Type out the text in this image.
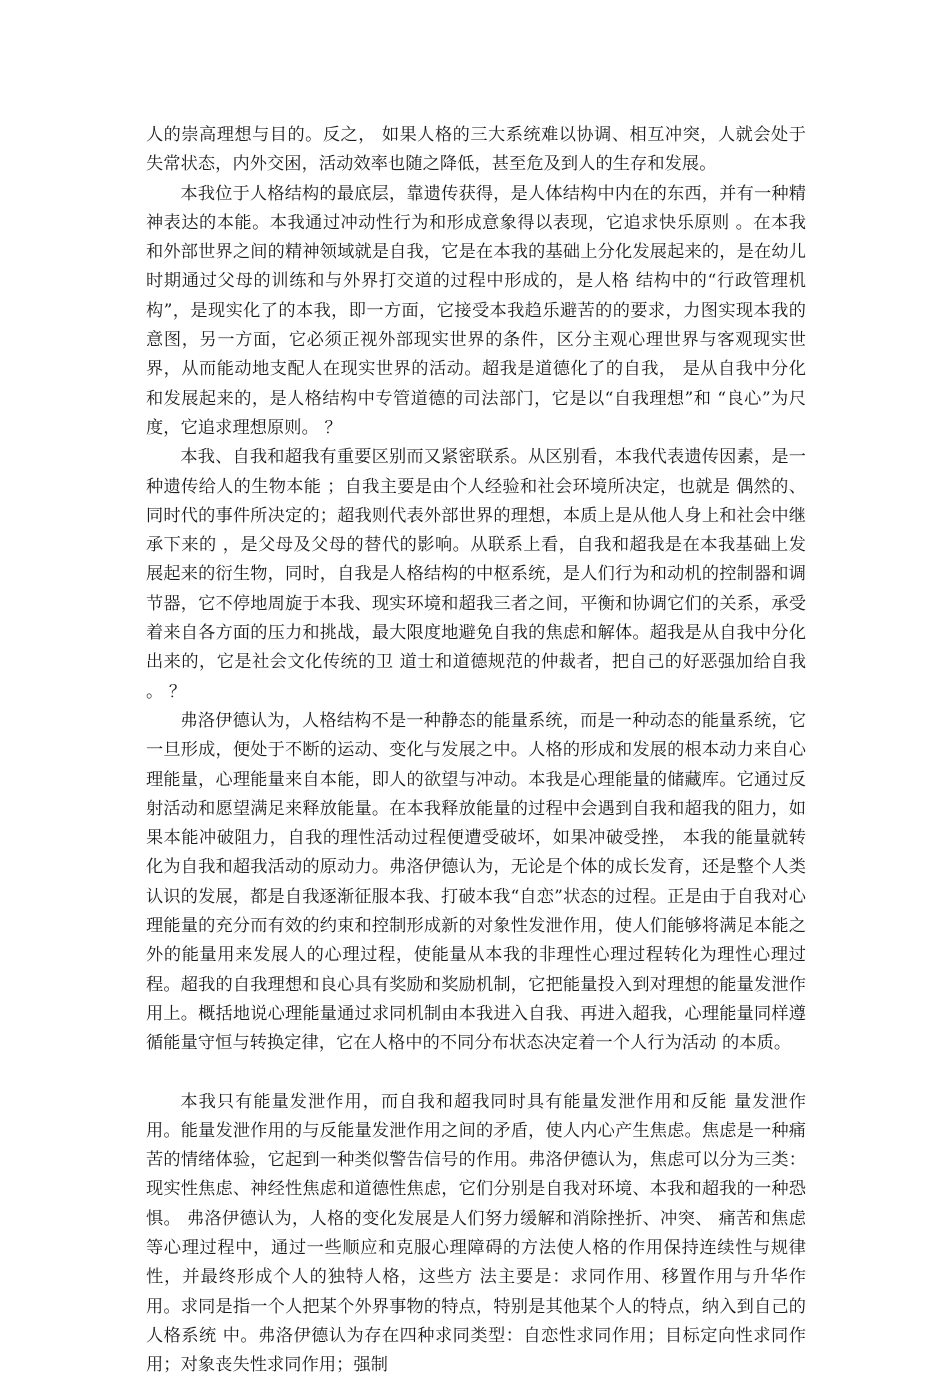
人的崇高理想与目的。反之， 如果人格的三大系统难以协调、相互冲突，人就会处于失常状态，内外交困，活动效率也随之降低，甚至危及到人的生存和发展。

本我位于人格结构的最底层，靠遗传获得，是人体结构中内在的东西，并有一种精神表达的本能。本我通过冲动性行为和形成意象得以表现，它追求快乐原则 。在本我和外部世界之间的精神领域就是自我，它是在本我的基础上分化发展起来的，是在幼儿时期通过父母的训练和与外界打交道的过程中形成的，是人格 结构中的“行政管理机构”，是现实化了的本我，即一方面，它接受本我趋乐避苦的的要求，力图实现本我的意图，另一方面，它必须正视外部现实世界的条件，区分主观心理世界与客观现实世界，从而能动地支配人在现实世界的活动。超我是道德化了的自我， 是从自我中分化和发展起来的，是人格结构中专管道德的司法部门，它是以“自我理想”和 “良心”为尺度，它追求理想原则。 ？

本我、自我和超我有重要区别而又紧密联系。从区别看，本我代表遗传因素，是一种遗传给人的生物本能 ；自我主要是由个人经验和社会环境所决定，也就是 偶然的、同时代的事件所决定的；超我则代表外部世界的理想，本质上是从他人身上和社会中继承下来的 ，是父母及父母的替代的影响。从联系上看，自我和超我是在本我基础上发展起来的衍生物，同时，自我是人格结构的中枢系统，是人们行为和动机的控制器和调节器，它不停地周旋于本我、现实环境和超我三者之间，平衡和协调它们的关系，承受着来自各方面的压力和挑战，最大限度地避免自我的焦虑和解体。超我是从自我中分化出来的，它是社会文化传统的卫 道士和道德规范的仲裁者，把自己的好恶强加给自我 。 ？

弗洛伊德认为，人格结构不是一种静态的能量系统，而是一种动态的能量系统，它一旦形成，便处于不断的运动、变化与发展之中。人格的形成和发展的根本动力来自心理能量，心理能量来自本能，即人的欲望与冲动。本我是心理能量的储藏库。它通过反射活动和愿望满足来释放能量。在本我释放能量的过程中会遇到自我和超我的阻力，如果本能冲破阻力，自我的理性活动过程便遭受破坏，如果冲破受挫， 本我的能量就转化为自我和超我活动的原动力。弗洛伊德认为，无论是个体的成长发育，还是整个人类认识的发展，都是自我逐渐征服本我、打破本我“自恋”状态的过程。正是由于自我对心理能量的充分而有效的约束和控制形成新的对象性发泄作用，使人们能够将满足本能之外的能量用来发展人的心理过程，使能量从本我的非理性心理过程转化为理性心理过程。超我的自我理想和良心具有奖励和奖励机制，它把能量投入到对理想的能量发泄作用上。概括地说心理能量通过求同机制由本我进入自我、再进入超我，心理能量同样遵循能量守恒与转换定律，它在人格中的不同分布状态决定着一个人行为活动 的本质。

本我只有能量发泄作用，而自我和超我同时具有能量发泄作用和反能 量发泄作用。能量发泄作用的与反能量发泄作用之间的矛盾，使人内心产生焦虑。焦虑是一种痛苦的情绪体验，它起到一种类似警告信号的作用。弗洛伊德认为，焦虑可以分为三类：现实性焦虑、神经性焦虑和道德性焦虑，它们分别是自我对环境、本我和超我的一种恐惧。 弗洛伊德认为，人格的变化发展是人们努力缓解和消除挫折、冲突、 痛苦和焦虑等心理过程中，通过一些顺应和克服心理障碍的方法使人格的作用保持连续性与规律性，并最终形成个人的独特人格，这些方 法主要是：求同作用、移置作用与升华作用。求同是指一个人把某个外界事物的特点，特别是其他某个人的特点，纳入到自己的人格系统 中。弗洛伊德认为存在四种求同类型：自恋性求同作用；目标定向性求同作用；对象丧失性求同作用；强制
